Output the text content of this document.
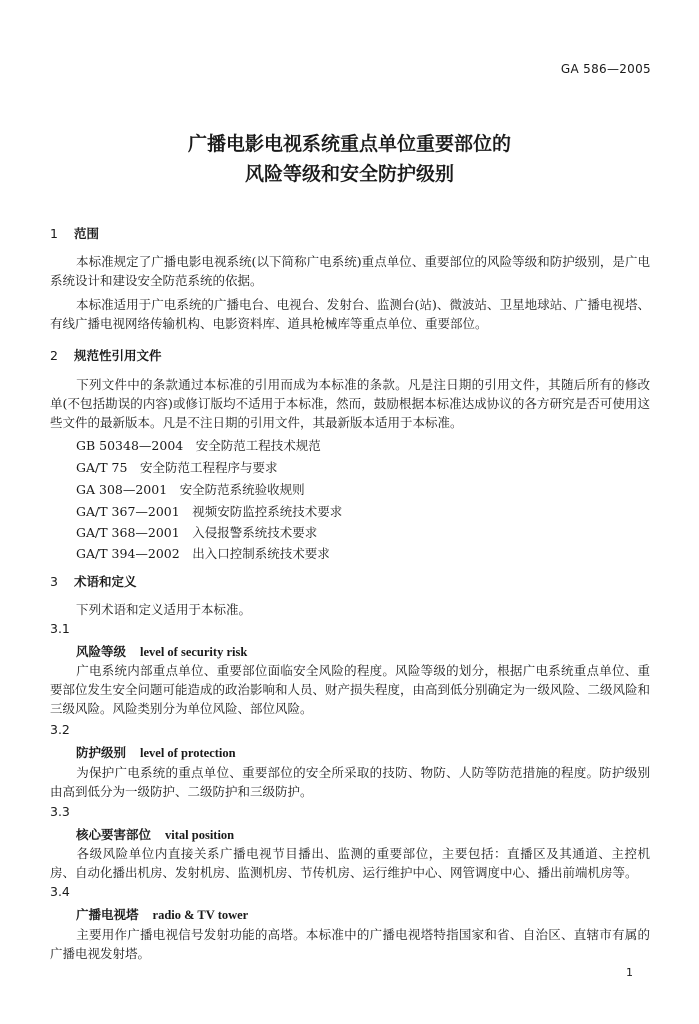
GA 586—2005
广播电影电视系统重点单位重要部位的
风险等级和安全防护级别
1 范围
本标准规定了广播电影电视系统(以下简称广电系统)重点单位、重要部位的风险等级和防护级别，是广电系统设计和建设安全防范系统的依据。
本标准适用于广电系统的广播电台、电视台、发射台、监测台(站)、微波站、卫星地球站、广播电视塔、有线广播电视网络传输机构、电影资料库、道具枪械库等重点单位、重要部位。
2 规范性引用文件
下列文件中的条款通过本标准的引用而成为本标准的条款。凡是注日期的引用文件，其随后所有的修改单(不包括勘误的内容)或修订版均不适用于本标准，然而，鼓励根据本标准达成协议的各方研究是否可使用这些文件的最新版本。凡是不注日期的引用文件，其最新版本适用于本标准。
GB 50348—2004　安全防范工程技术规范
GA/T 75　安全防范工程程序与要求
GA 308—2001　安全防范系统验收规则
GA/T 367—2001　视频安防监控系统技术要求
GA/T 368—2001　入侵报警系统技术要求
GA/T 394—2002　出入口控制系统技术要求
3 术语和定义
下列术语和定义适用于本标准。
3.1
风险等级 level of security risk
广电系统内部重点单位、重要部位面临安全风险的程度。风险等级的划分，根据广电系统重点单位、重要部位发生安全问题可能造成的政治影响和人员、财产损失程度，由高到低分别确定为一级风险、二级风险和三级风险。风险类别分为单位风险、部位风险。
3.2
防护级别 level of protection
为保护广电系统的重点单位、重要部位的安全所采取的技防、物防、人防等防范措施的程度。防护级别由高到低分为一级防护、二级防护和三级防护。
3.3
核心要害部位 vital position
各级风险单位内直接关系广播电视节目播出、监测的重要部位，主要包括：直播区及其通道、主控机房、自动化播出机房、发射机房、监测机房、节传机房、运行维护中心、网管调度中心、播出前端机房等。
3.4
广播电视塔 radio & TV tower
主要用作广播电视信号发射功能的高塔。本标准中的广播电视塔特指国家和省、自治区、直辖市有属的广播电视发射塔。
1
